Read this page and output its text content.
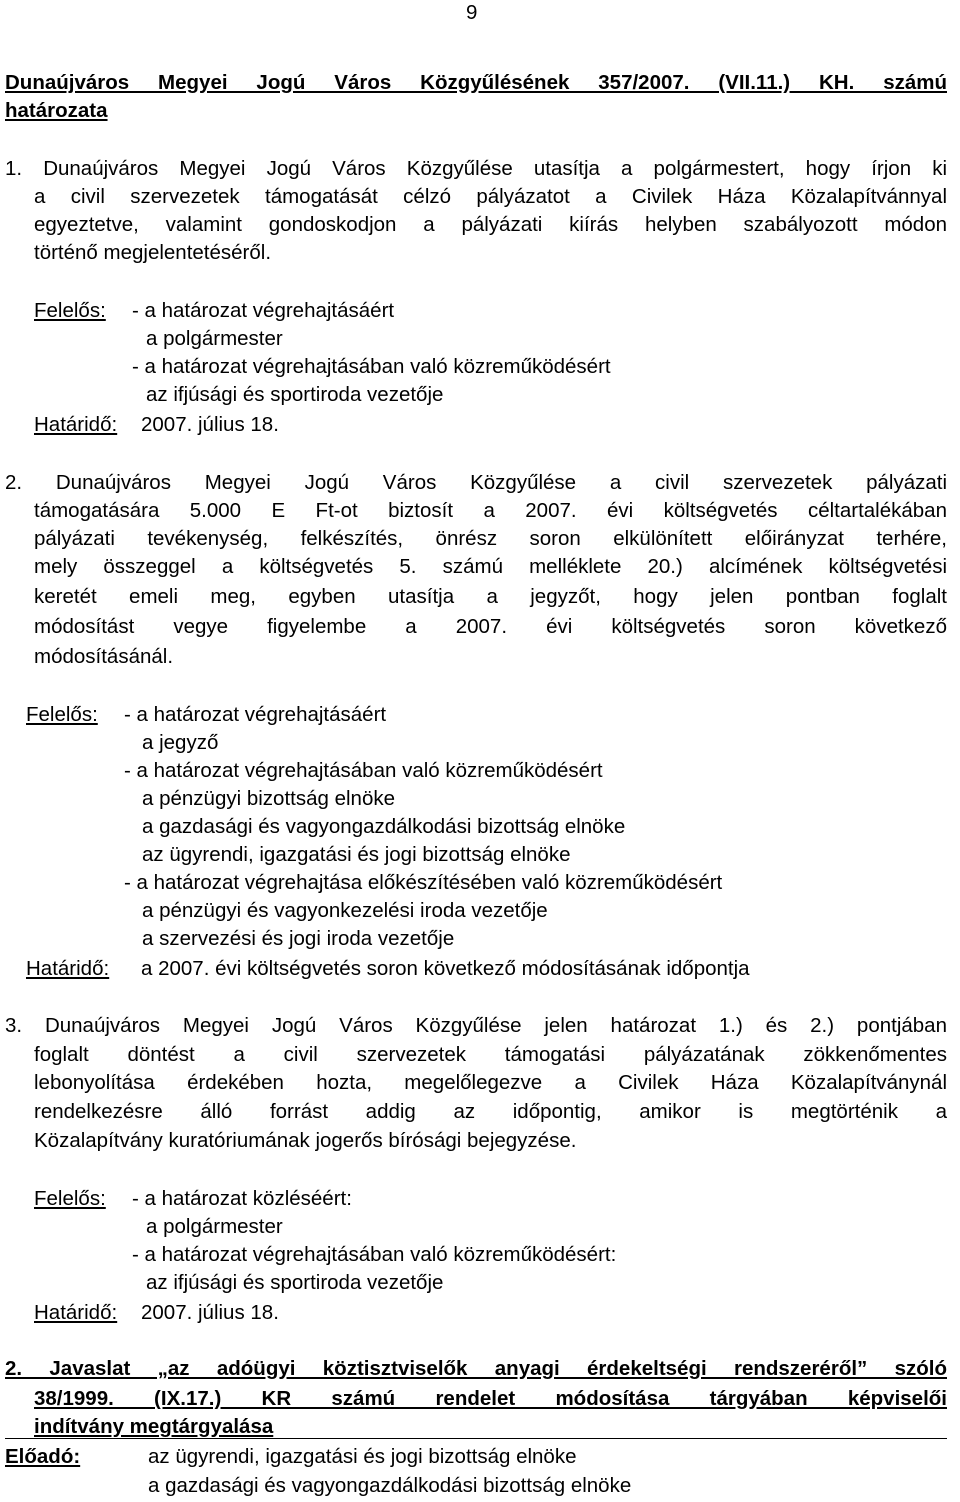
9
Dunaújváros Megyei Jogú Város Közgyűlésének 357/2007. (VII.11.) KH. számú
határozata
1. Dunaújváros Megyei Jogú Város Közgyűlése utasítja a polgármestert, hogy írjon ki
a civil szervezetek támogatását célzó pályázatot a Civilek Háza Közalapítvánnyal
egyeztetve, valamint gondoskodjon a pályázati kiírás helyben szabályozott módon
történő megjelentetéséről.
Felelős: - a határozat végrehajtásáért
a polgármester
- a határozat végrehajtásában való közreműködésért
az ifjúsági és sportiroda vezetője
Határidő: 2007. július 18.
2. Dunaújváros Megyei Jogú Város Közgyűlése a civil szervezetek pályázati
támogatására 5.000 E Ft-ot biztosít a 2007. évi költségvetés céltartalékában
pályázati tevékenység, felkészítés, önrész soron elkülönített előirányzat terhére,
mely összeggel a költségvetés 5. számú melléklete 20.) alcímének költségvetési
keretét emeli meg, egyben utasítja a jegyzőt, hogy jelen pontban foglalt
módosítást vegye figyelembe a 2007. évi költségvetés soron következő
módosításánál.
Felelős: - a határozat végrehajtásáért
a jegyző
- a határozat végrehajtásában való közreműködésért
a pénzügyi bizottság elnöke
a gazdasági és vagyongazdálkodási bizottság elnöke
az ügyrendi, igazgatási és jogi bizottság elnöke
- a határozat végrehajtása előkészítésében való közreműködésért
a pénzügyi és vagyonkezelési iroda vezetője
a szervezési és jogi iroda vezetője
Határidő: a 2007. évi költségvetés soron következő módosításának időpontja
3. Dunaújváros Megyei Jogú Város Közgyűlése jelen határozat 1.) és 2.) pontjában
foglalt döntést a civil szervezetek támogatási pályázatának zökkenőmentes
lebonyolítása érdekében hozta, megelőlegezve a Civilek Háza Közalapítványnál
rendelkezésre álló forrást addig az időpontig, amikor is megtörténik a
Közalapítvány kuratóriumának jogerős bírósági bejegyzése.
Felelős: - a határozat közléséért:
a polgármester
- a határozat végrehajtásában való közreműködésért:
az ifjúsági és sportiroda vezetője
Határidő: 2007. július 18.
2. Javaslat „az adóügyi köztisztviselők anyagi érdekeltségi rendszeréről” szóló
38/1999. (IX.17.) KR számú rendelet módosítása tárgyában képviselői
indítvány megtárgyalása
Előadó:	az ügyrendi, igazgatási és jogi bizottság elnöke
a gazdasági és vagyongazdálkodási bizottság elnöke
